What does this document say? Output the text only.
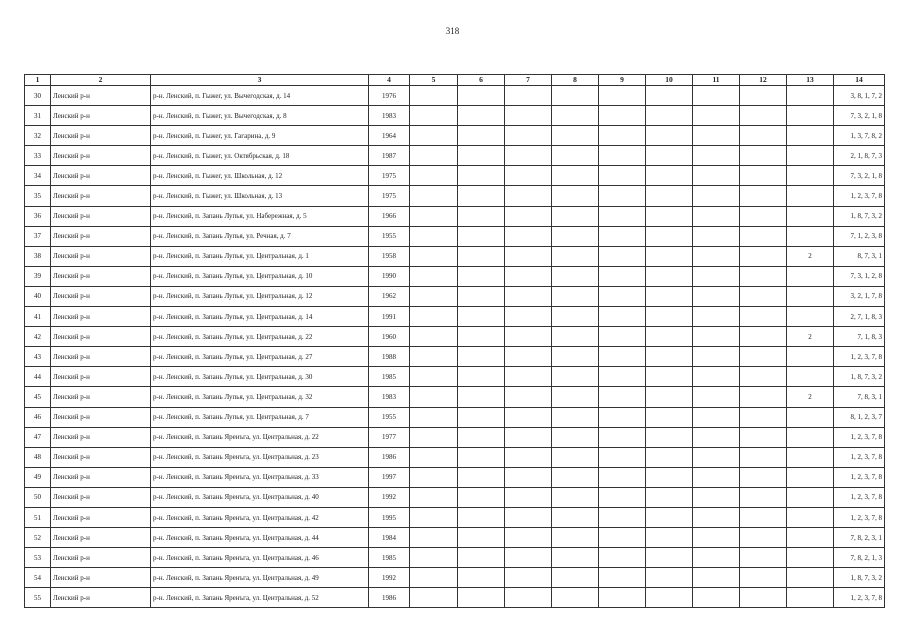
318
1	2	3	4	5	6	7	8	9	10	11	12	13	14
30	Ленский р-н	р-н. Ленский, п. Гыжег, ул. Вычегодская, д. 14	1976										3, 8, 1, 7, 2
31	Ленский р-н	р-н. Ленский, п. Гыжег, ул. Вычегодская, д. 8	1983										7, 3, 2, 1, 8
32	Ленский р-н	р-н. Ленский, п. Гыжег, ул. Гагарина, д. 9	1964										1, 3, 7, 8, 2
33	Ленский р-н	р-н. Ленский, п. Гыжег, ул. Октябрьская, д. 18	1987										2, 1, 8, 7, 3
34	Ленский р-н	р-н. Ленский, п. Гыжег, ул. Школьная, д. 12	1975										7, 3, 2, 1, 8
35	Ленский р-н	р-н. Ленский, п. Гыжег, ул. Школьная, д. 13	1975										1, 2, 3, 7, 8
36	Ленский р-н	р-н. Ленский, п. Запань Лупья, ул. Набережная, д. 5	1966										1, 8, 7, 3, 2
37	Ленский р-н	р-н. Ленский, п. Запань Лупья, ул. Речная, д. 7	1955										7, 1, 2, 3, 8
38	Ленский р-н	р-н. Ленский, п. Запань Лупья, ул. Центральная, д. 1	1958									2	8, 7, 3, 1
39	Ленский р-н	р-н. Ленский, п. Запань Лупья, ул. Центральная, д. 10	1990										7, 3, 1, 2, 8
40	Ленский р-н	р-н. Ленский, п. Запань Лупья, ул. Центральная, д. 12	1962										3, 2, 1, 7, 8
41	Ленский р-н	р-н. Ленский, п. Запань Лупья, ул. Центральная, д. 14	1991										2, 7, 1, 8, 3
42	Ленский р-н	р-н. Ленский, п. Запань Лупья, ул. Центральная, д. 22	1960									2	7, 1, 8, 3
43	Ленский р-н	р-н. Ленский, п. Запань Лупья, ул. Центральная, д. 27	1988										1, 2, 3, 7, 8
44	Ленский р-н	р-н. Ленский, п. Запань Лупья, ул. Центральная, д. 30	1985										1, 8, 7, 3, 2
45	Ленский р-н	р-н. Ленский, п. Запань Лупья, ул. Центральная, д. 32	1983									2	7, 8, 3, 1
46	Ленский р-н	р-н. Ленский, п. Запань Лупья, ул. Центральная, д. 7	1955										8, 1, 2, 3, 7
47	Ленский р-н	р-н. Ленский, п. Запань Яренъга, ул. Центральная, д. 22	1977										1, 2, 3, 7, 8
48	Ленский р-н	р-н. Ленский, п. Запань Яренъга, ул. Центральная, д. 23	1986										1, 2, 3, 7, 8
49	Ленский р-н	р-н. Ленский, п. Запань Яренъга, ул. Центральная, д. 33	1997										1, 2, 3, 7, 8
50	Ленский р-н	р-н. Ленский, п. Запань Яренъга, ул. Центральная, д. 40	1992										1, 2, 3, 7, 8
51	Ленский р-н	р-н. Ленский, п. Запань Яренъга, ул. Центральная, д. 42	1995										1, 2, 3, 7, 8
52	Ленский р-н	р-н. Ленский, п. Запань Яренъга, ул. Центральная, д. 44	1984										7, 8, 2, 3, 1
53	Ленский р-н	р-н. Ленский, п. Запань Яренъга, ул. Центральная, д. 46	1985										7, 8, 2, 1, 3
54	Ленский р-н	р-н. Ленский, п. Запань Яренъга, ул. Центральная, д. 49	1992										1, 8, 7, 3, 2
55	Ленский р-н	р-н. Ленский, п. Запань Яренъга, ул. Центральная, д. 52	1986										1, 2, 3, 7, 8
